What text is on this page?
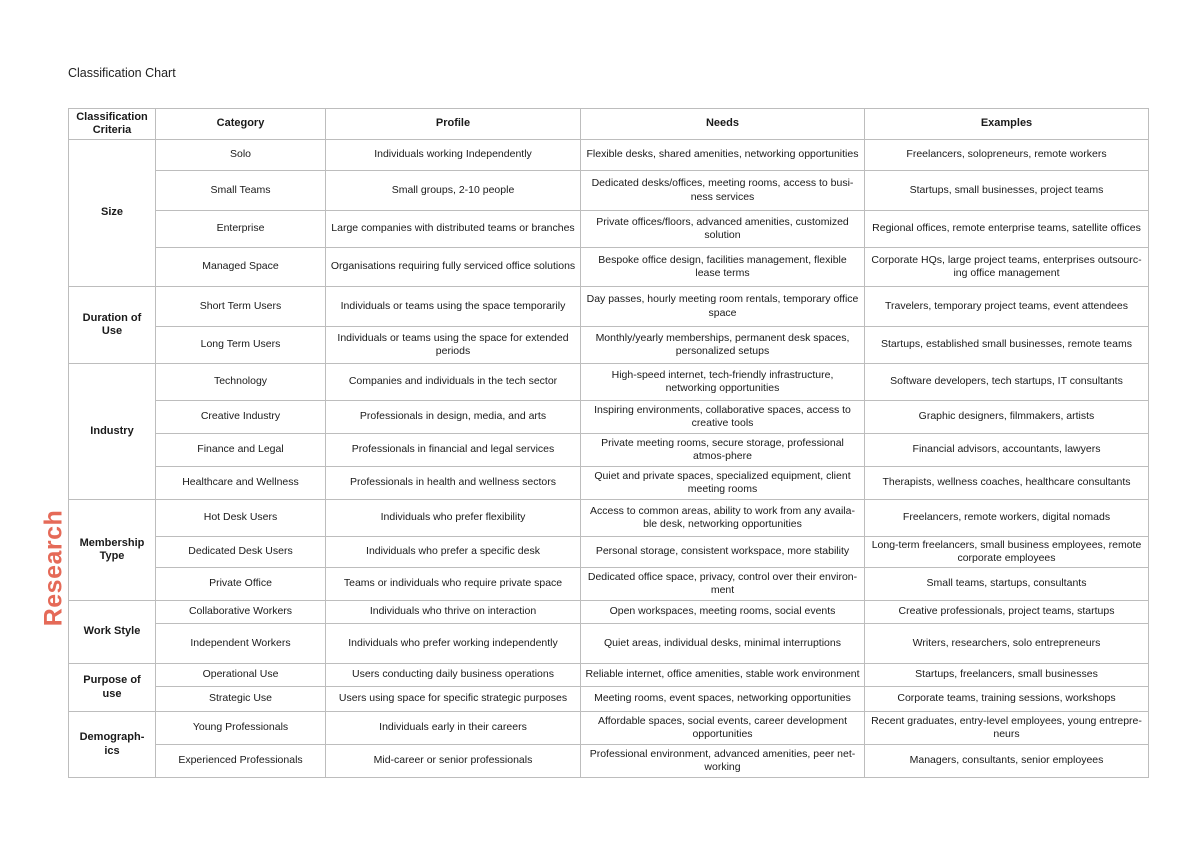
Classification Chart
Research
Classification Criteria	Category	Profile	Needs	Examples
Size	Solo	Individuals working Independently	Flexible desks, shared amenities, networking opportunities	Freelancers, solopreneurs, remote workers
	Small Teams	Small groups, 2-10 people	Dedicated desks/offices, meeting rooms, access to busi-ness services	Startups, small businesses, project teams
	Enterprise	Large companies with distributed teams or branches	Private offices/floors, advanced amenities, customized solution	Regional offices, remote enterprise teams, satellite offices
	Managed Space	Organisations requiring fully serviced office solutions	Bespoke office design, facilities management, flexible lease terms	Corporate HQs, large project teams, enterprises outsourc-ing office management
Duration of Use	Short Term Users	Individuals or teams using the space temporarily	Day passes, hourly meeting room rentals, temporary office space	Travelers, temporary project teams, event attendees
	Long Term Users	Individuals or teams using the space for extended periods	Monthly/yearly memberships, permanent desk spaces, personalized setups	Startups, established small businesses, remote teams
Industry	Technology	Companies and individuals in the tech sector	High-speed internet, tech-friendly infrastructure, networking opportunities	Software developers, tech startups, IT consultants
	Creative Industry	Professionals in design, media, and arts	Inspiring environments, collaborative spaces, access to creative tools	Graphic designers, filmmakers, artists
	Finance and Legal	Professionals in financial and legal services	Private meeting rooms, secure storage, professional atmos-phere	Financial advisors, accountants, lawyers
	Healthcare and Wellness	Professionals in health and wellness sectors	Quiet and private spaces, specialized equipment, client meeting rooms	Therapists, wellness coaches, healthcare consultants
Membership Type	Hot Desk Users	Individuals who prefer flexibility	Access to common areas, ability to work from any availa-ble desk, networking opportunities	Freelancers, remote workers, digital nomads
	Dedicated Desk Users	Individuals who prefer a specific desk	Personal storage, consistent workspace, more stability	Long-term freelancers, small business employees, remote corporate employees
	Private Office	Teams or individuals who require private space	Dedicated office space, privacy, control over their environ-ment	Small teams, startups, consultants
Work Style	Collaborative Workers	Individuals who thrive on interaction	Open workspaces, meeting rooms, social events	Creative professionals, project teams, startups
	Independent Workers	Individuals who prefer working independently	Quiet areas, individual desks, minimal interruptions	Writers, researchers, solo entrepreneurs
Purpose of use	Operational Use	Users conducting daily business operations	Reliable internet, office amenities, stable work environment	Startups, freelancers, small businesses
	Strategic Use	Users using space for specific strategic purposes	Meeting rooms, event spaces, networking opportunities	Corporate teams, training sessions, workshops
Demograph-ics	Young Professionals	Individuals early in their careers	Affordable spaces, social events, career development opportunities	Recent graduates, entry-level employees, young entrepre-neurs
	Experienced Professionals	Mid-career or senior professionals	Professional environment, advanced amenities, peer net-working	Managers, consultants, senior employees
